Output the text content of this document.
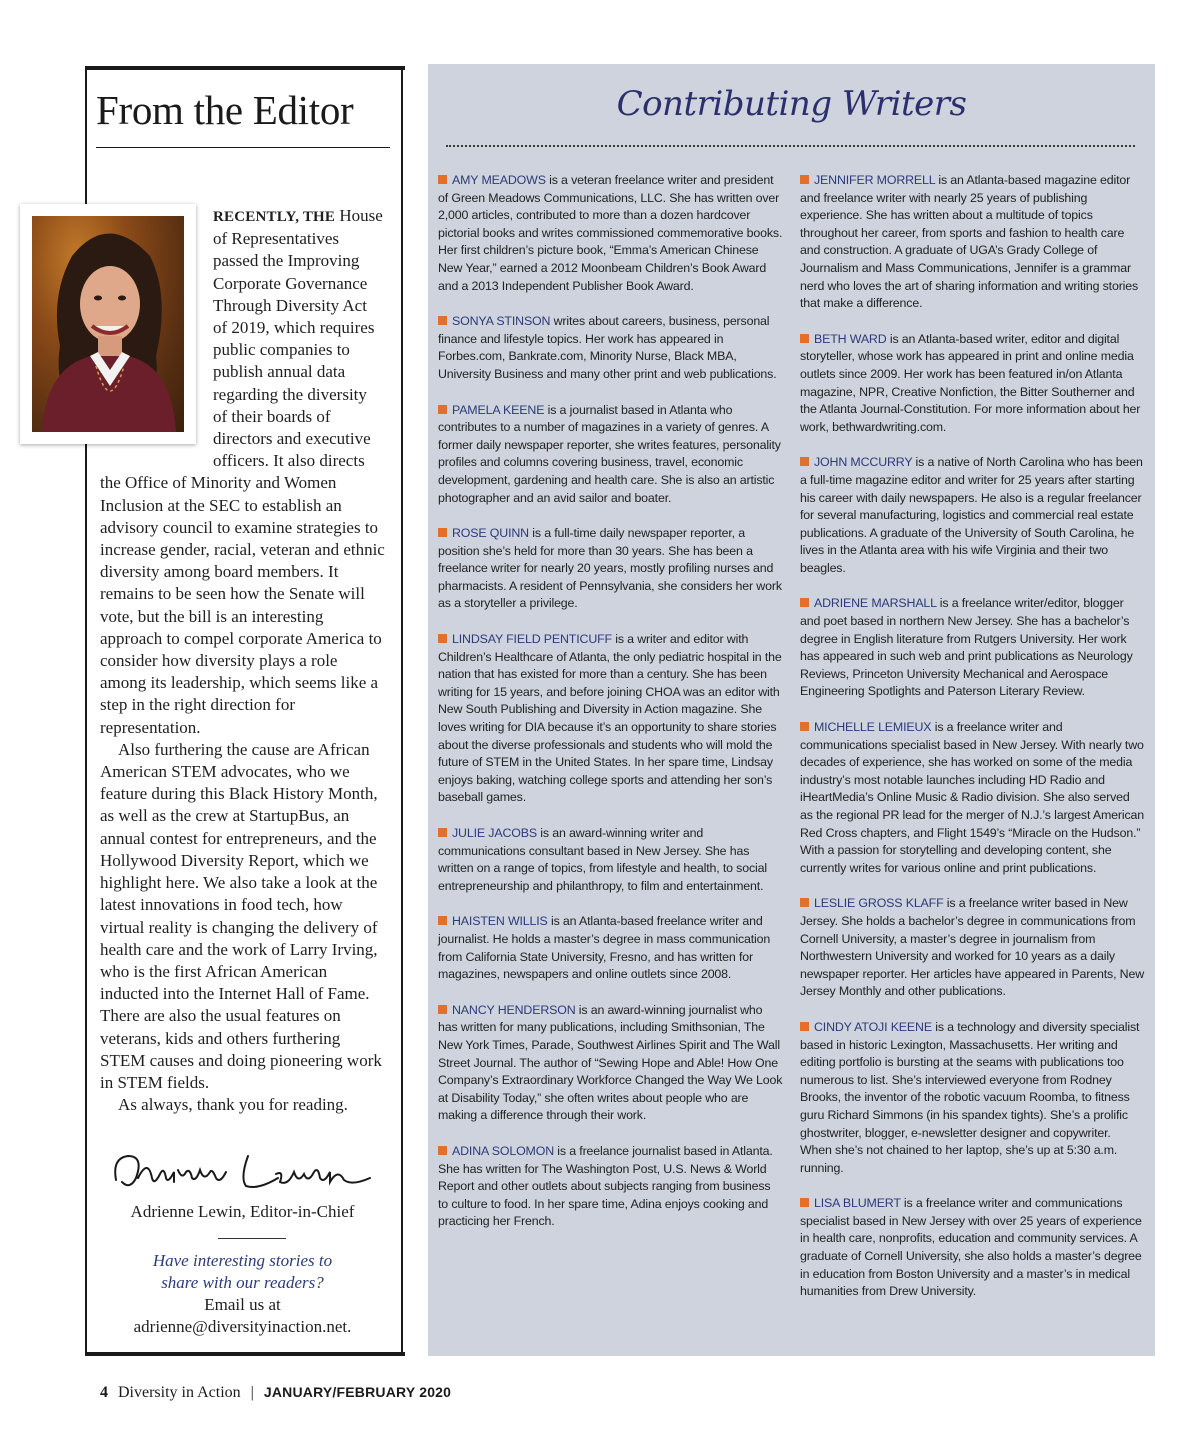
From the Editor

RECENTLY, THE House of Representatives passed the Improving Corporate Governance Through Diversity Act of 2019, which requires public companies to publish annual data regarding the diversity of their boards of directors and executive officers. It also directs the Office of Minority and Women Inclusion at the SEC to establish an advisory council to examine strategies to increase gender, racial, veteran and ethnic diversity among board members. It remains to be seen how the Senate will vote, but the bill is an interesting approach to compel corporate America to consider how diversity plays a role among its leadership, which seems like a step in the right direction for representation.

Also furthering the cause are African American STEM advocates, who we feature during this Black History Month, as well as the crew at StartupBus, an annual contest for entrepreneurs, and the Hollywood Diversity Report, which we highlight here. We also take a look at the latest innovations in food tech, how virtual reality is changing the delivery of health care and the work of Larry Irving, who is the first African American inducted into the Internet Hall of Fame. There are also the usual features on veterans, kids and others furthering STEM causes and doing pioneering work in STEM fields.

As always, thank you for reading.

Adrienne Lewin, Editor-in-Chief
Have interesting stories to
share with our readers?
Email us at
adrienne@diversityinaction.net.
Contributing Writers

AMY MEADOWS is a veteran freelance writer and president of Green Meadows Communications, LLC. She has written over 2,000 articles, contributed to more than a dozen hardcover pictorial books and writes commissioned commemorative books. Her first children’s picture book, “Emma’s American Chinese New Year,” earned a 2012 Moonbeam Children’s Book Award and a 2013 Independent Publisher Book Award.

SONYA STINSON writes about careers, business, personal finance and lifestyle topics. Her work has appeared in Forbes.com, Bankrate.com, Minority Nurse, Black MBA, University Business and many other print and web publications.

PAMELA KEENE is a journalist based in Atlanta who contributes to a number of magazines in a variety of genres. A former daily newspaper reporter, she writes features, personality profiles and columns covering business, travel, economic development, gardening and health care. She is also an artistic photographer and an avid sailor and boater.

ROSE QUINN is a full-time daily newspaper reporter, a position she’s held for more than 30 years. She has been a freelance writer for nearly 20 years, mostly profiling nurses and pharmacists. A resident of Pennsylvania, she considers her work as a storyteller a privilege.

LINDSAY FIELD PENTICUFF is a writer and editor with Children’s Healthcare of Atlanta, the only pediatric hospital in the nation that has existed for more than a century. She has been writing for 15 years, and before joining CHOA was an editor with New South Publishing and Diversity in Action magazine. She loves writing for DIA because it’s an opportunity to share stories about the diverse professionals and students who will mold the future of STEM in the United States. In her spare time, Lindsay enjoys baking, watching college sports and attending her son’s baseball games.

JULIE JACOBS is an award-winning writer and communications consultant based in New Jersey. She has written on a range of topics, from lifestyle and health, to social entrepreneurship and philanthropy, to film and entertainment.

HAISTEN WILLIS is an Atlanta-based freelance writer and journalist. He holds a master’s degree in mass communication from California State University, Fresno, and has written for magazines, newspapers and online outlets since 2008.

NANCY HENDERSON is an award-winning journalist who has written for many publications, including Smithsonian, The New York Times, Parade, Southwest Airlines Spirit and The Wall Street Journal. The author of “Sewing Hope and Able! How One Company’s Extraordinary Workforce Changed the Way We Look at Disability Today,” she often writes about people who are making a difference through their work.

ADINA SOLOMON is a freelance journalist based in Atlanta. She has written for The Washington Post, U.S. News & World Report and other outlets about subjects ranging from business to culture to food. In her spare time, Adina enjoys cooking and practicing her French.

JENNIFER MORRELL is an Atlanta-based magazine editor and freelance writer with nearly 25 years of publishing experience. She has written about a multitude of topics throughout her career, from sports and fashion to health care and construction. A graduate of UGA’s Grady College of Journalism and Mass Communications, Jennifer is a grammar nerd who loves the art of sharing information and writing stories that make a difference.

BETH WARD is an Atlanta-based writer, editor and digital storyteller, whose work has appeared in print and online media outlets since 2009. Her work has been featured in/on Atlanta magazine, NPR, Creative Nonfiction, the Bitter Southerner and the Atlanta Journal-Constitution. For more information about her work, bethwardwriting.com.

JOHN MCCURRY is a native of North Carolina who has been a full-time magazine editor and writer for 25 years after starting his career with daily newspapers. He also is a regular freelancer for several manufacturing, logistics and commercial real estate publications. A graduate of the University of South Carolina, he lives in the Atlanta area with his wife Virginia and their two beagles.

ADRIENE MARSHALL is a freelance writer/editor, blogger and poet based in northern New Jersey. She has a bachelor’s degree in English literature from Rutgers University. Her work has appeared in such web and print publications as Neurology Reviews, Princeton University Mechanical and Aerospace Engineering Spotlights and Paterson Literary Review.

MICHELLE LEMIEUX is a freelance writer and communications specialist based in New Jersey. With nearly two decades of experience, she has worked on some of the media industry’s most notable launches including HD Radio and iHeartMedia’s Online Music & Radio division. She also served as the regional PR lead for the merger of N.J.’s largest American Red Cross chapters, and Flight 1549’s “Miracle on the Hudson.” With a passion for storytelling and developing content, she currently writes for various online and print publications.

LESLIE GROSS KLAFF is a freelance writer based in New Jersey. She holds a bachelor’s degree in communications from Cornell University, a master’s degree in journalism from Northwestern University and worked for 10 years as a daily newspaper reporter. Her articles have appeared in Parents, New Jersey Monthly and other publications.

CINDY ATOJI KEENE is a technology and diversity specialist based in historic Lexington, Massachusetts. Her writing and editing portfolio is bursting at the seams with publications too numerous to list. She’s interviewed everyone from Rodney Brooks, the inventor of the robotic vacuum Roomba, to fitness guru Richard Simmons (in his spandex tights). She’s a prolific ghostwriter, blogger, e-newsletter designer and copywriter. When she’s not chained to her laptop, she’s up at 5:30 a.m. running.

LISA BLUMERT is a freelance writer and communications specialist based in New Jersey with over 25 years of experience in health care, nonprofits, education and community services. A graduate of Cornell University, she also holds a master’s degree in education from Boston University and a master’s in medical humanities from Drew University.

4 Diversity in Action | JANUARY/FEBRUARY 2020
